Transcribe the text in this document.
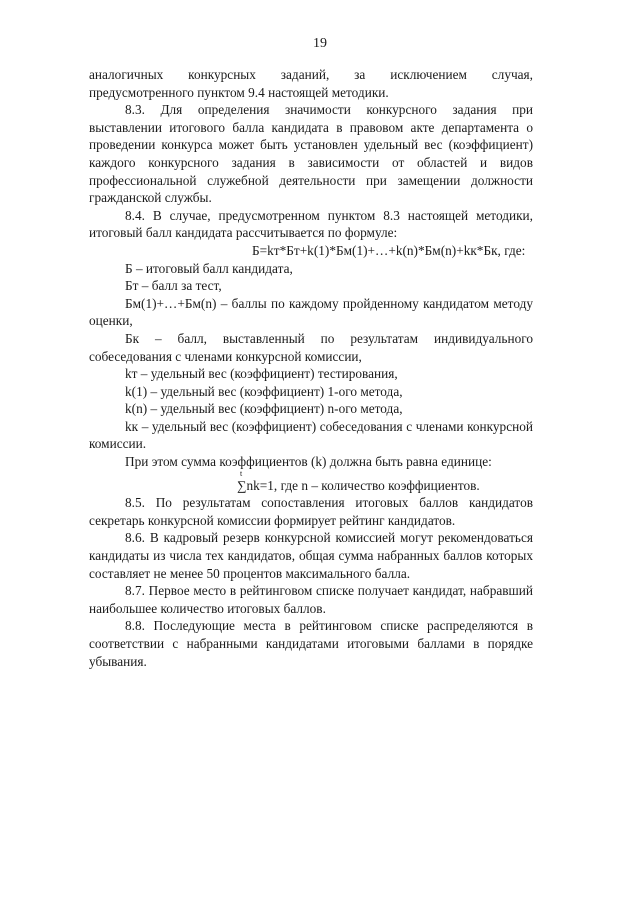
19

аналогичных конкурсных заданий, за исключением случая, предусмотренного пунктом 9.4 настоящей методики.

8.3. Для определения значимости конкурсного задания при выставлении итогового балла кандидата в правовом акте департамента о проведении конкурса может быть установлен удельный вес (коэффициент) каждого конкурсного задания в зависимости от областей и видов профессиональной служебной деятельности при замещении должности гражданской службы.

8.4. В случае, предусмотренном пунктом 8.3 настоящей методики, итоговый балл кандидата рассчитывается по формуле:

Б=kт*Бт+k(1)*Бм(1)+…+k(n)*Бм(n)+kк*Бк, где:

Б – итоговый балл кандидата,

Бт – балл за тест,

Бм(1)+…+Бм(n) – баллы по каждому пройденному кандидатом методу оценки,

Бк – балл, выставленный по результатам индивидуального собеседования с членами конкурсной комиссии,

kт – удельный вес (коэффициент) тестирования,

k(1) – удельный вес (коэффициент) 1-ого метода,

k(n) – удельный вес (коэффициент) n-ого метода,

kк – удельный вес (коэффициент) собеседования с членами конкурсной комиссии.

При этом сумма коэффициентов (k) должна быть равна единице:

t
∑nk=1, где n – количество коэффициентов.

8.5. По результатам сопоставления итоговых баллов кандидатов секретарь конкурсной комиссии формирует рейтинг кандидатов.

8.6. В кадровый резерв конкурсной комиссией могут рекомендоваться кандидаты из числа тех кандидатов, общая сумма набранных баллов которых составляет не менее 50 процентов максимального балла.

8.7. Первое место в рейтинговом списке получает кандидат, набравший наибольшее количество итоговых баллов.

8.8. Последующие места в рейтинговом списке распределяются в соответствии с набранными кандидатами итоговыми баллами в порядке убывания.
